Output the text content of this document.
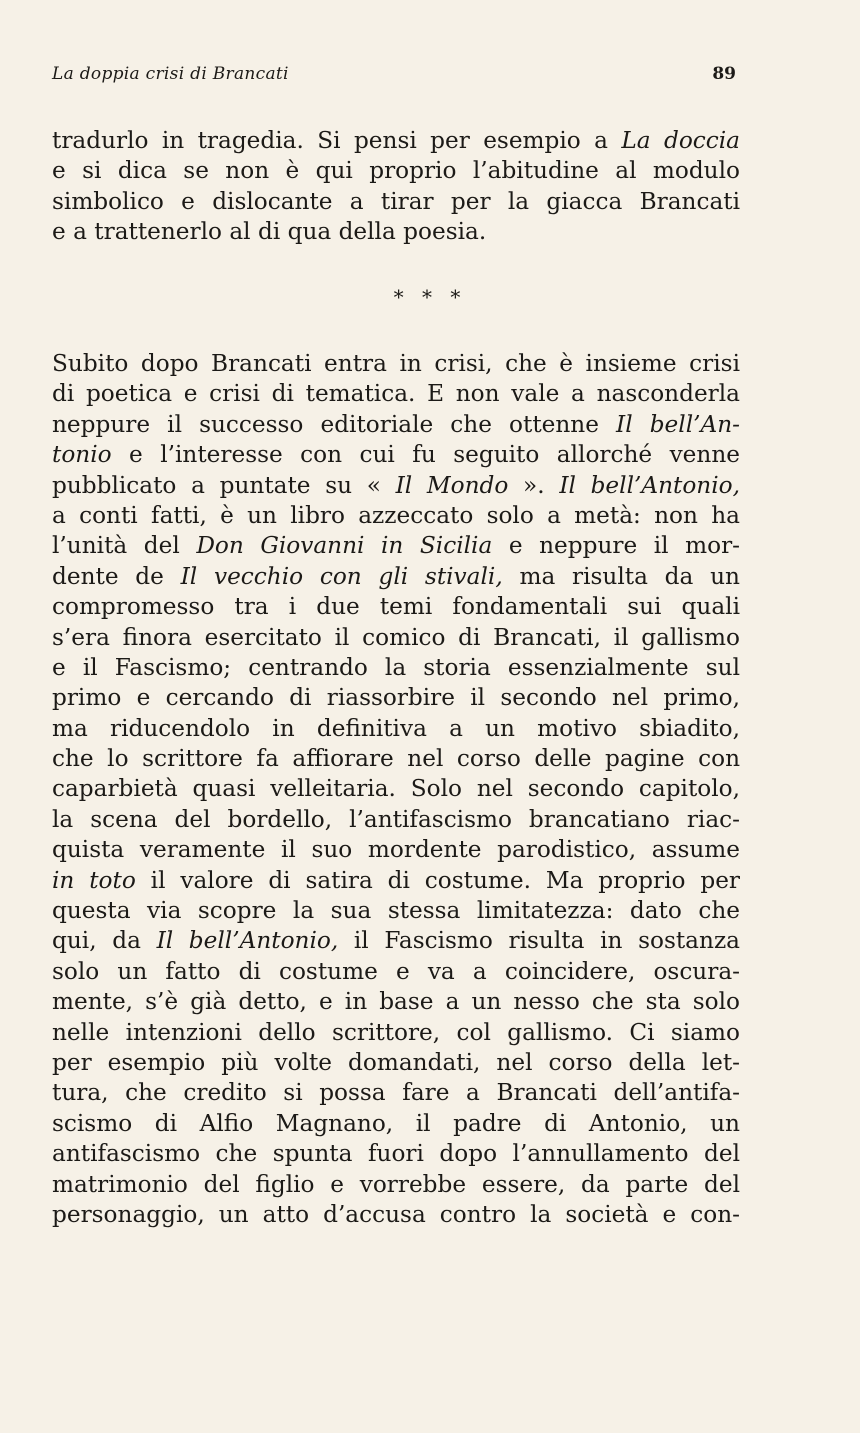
La doppia crisi di Brancati	89
tradurlo in tragedia. Si pensi per esempio a La doccia
e si dica se non è qui proprio l’abitudine al modulo
simbolico e dislocante a tirar per la giacca Brancati
e a trattenerlo al di qua della poesia.
* * *
Subito dopo Brancati entra in crisi, che è insieme crisi
di poetica e crisi di tematica. E non vale a nasconderla
neppure il successo editoriale che ottenne Il bell’An-
tonio e l’interesse con cui fu seguito allorché venne
pubblicato a puntate su « Il Mondo ». Il bell’Antonio,
a conti fatti, è un libro azzeccato solo a metà: non ha
l’unità del Don Giovanni in Sicilia e neppure il mor-
dente de Il vecchio con gli stivali, ma risulta da un
compromesso tra i due temi fondamentali sui quali
s’era finora esercitato il comico di Brancati, il gallismo
e il Fascismo; centrando la storia essenzialmente sul
primo e cercando di riassorbire il secondo nel primo,
ma riducendolo in definitiva a un motivo sbiadito,
che lo scrittore fa affiorare nel corso delle pagine con
caparbietà quasi velleitaria. Solo nel secondo capitolo,
la scena del bordello, l’antifascismo brancatiano riac-
quista veramente il suo mordente parodistico, assume
in toto il valore di satira di costume. Ma proprio per
questa via scopre la sua stessa limitatezza: dato che
qui, da Il bell’Antonio, il Fascismo risulta in sostanza
solo un fatto di costume e va a coincidere, oscura-
mente, s’è già detto, e in base a un nesso che sta solo
nelle intenzioni dello scrittore, col gallismo. Ci siamo
per esempio più volte domandati, nel corso della let-
tura, che credito si possa fare a Brancati dell’antifa-
scismo di Alfio Magnano, il padre di Antonio, un
antifascismo che spunta fuori dopo l’annullamento del
matrimonio del figlio e vorrebbe essere, da parte del
personaggio, un atto d’accusa contro la società e con-
